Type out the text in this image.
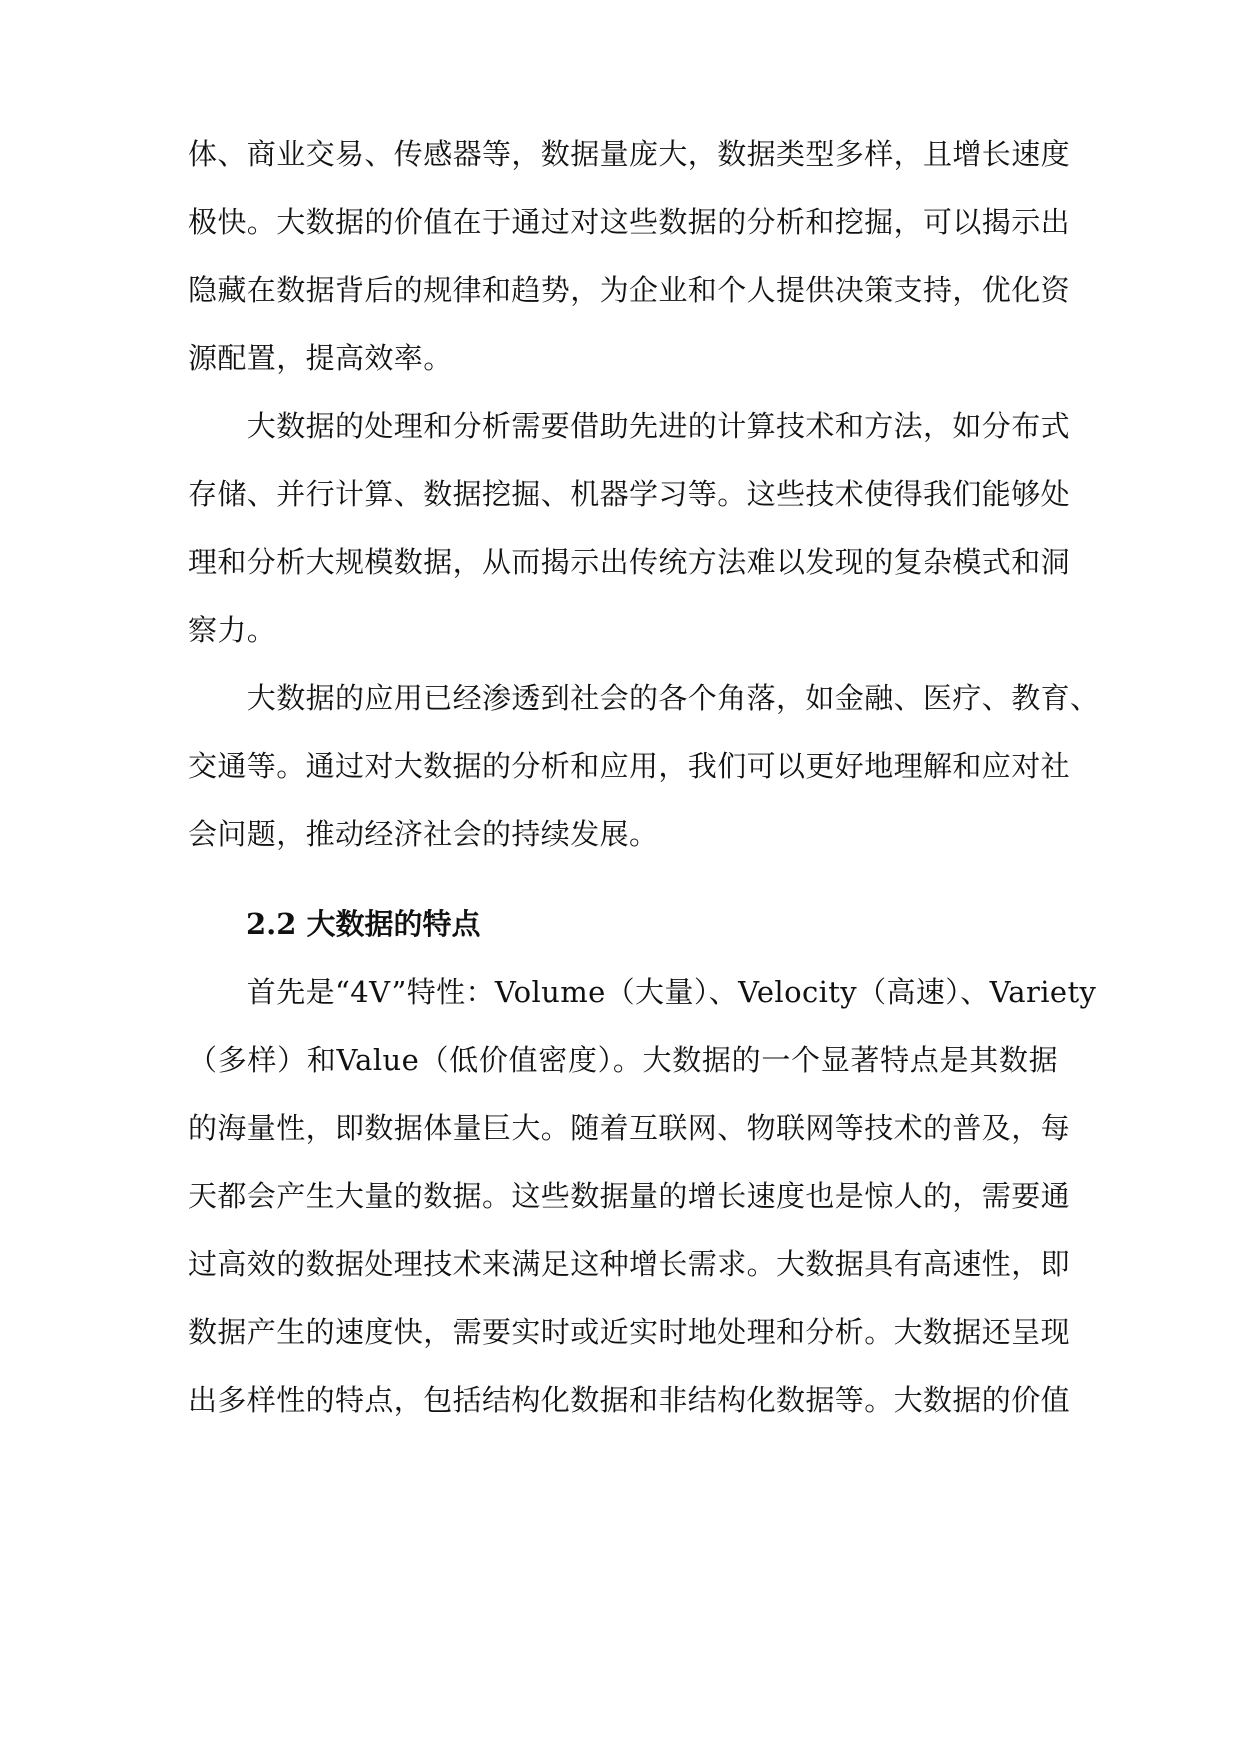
体、商业交易、传感器等，数据量庞大，数据类型多样，且增长速度
极快。大数据的价值在于通过对这些数据的分析和挖掘，可以揭示出
隐藏在数据背后的规律和趋势，为企业和个人提供决策支持，优化资
源配置，提高效率。
　　大数据的处理和分析需要借助先进的计算技术和方法，如分布式
存储、并行计算、数据挖掘、机器学习等。这些技术使得我们能够处
理和分析大规模数据，从而揭示出传统方法难以发现的复杂模式和洞
察力。
　　大数据的应用已经渗透到社会的各个角落，如金融、医疗、教育、
交通等。通过对大数据的分析和应用，我们可以更好地理解和应对社
会问题，推动经济社会的持续发展。
2.2 大数据的特点
　　首先是“4V”特性：Volume（大量）、Velocity（高速）、Variety
（多样）和Value（低价值密度）。大数据的一个显著特点是其数据
的海量性，即数据体量巨大。随着互联网、物联网等技术的普及，每
天都会产生大量的数据。这些数据量的增长速度也是惊人的，需要通
过高效的数据处理技术来满足这种增长需求。大数据具有高速性，即
数据产生的速度快，需要实时或近实时地处理和分析。大数据还呈现
出多样性的特点，包括结构化数据和非结构化数据等。大数据的价值
